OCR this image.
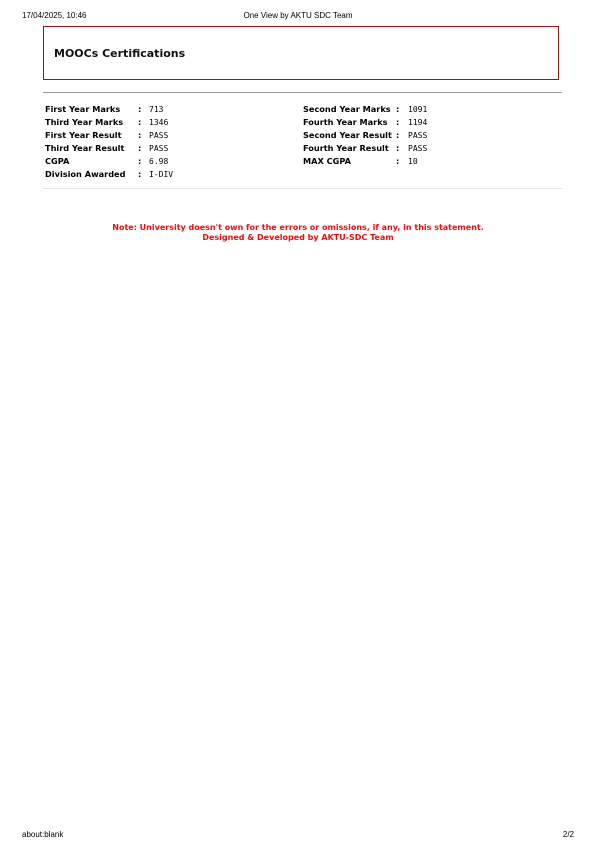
17/04/2025, 10:46	One View by AKTU SDC Team
MOOCs Certifications
First Year Marks : 713	Second Year Marks : 1091
Third Year Marks : 1346	Fourth Year Marks : 1194
First Year Result : PASS	Second Year Result : PASS
Third Year Result : PASS	Fourth Year Result : PASS
CGPA	: 6.98	MAX CGPA	: 10
Division Awarded : I-DIV
Note: University doesn't own for the errors or omissions, if any, in this statement.
Designed & Developed by AKTU-SDC Team
about:blank	2/2
